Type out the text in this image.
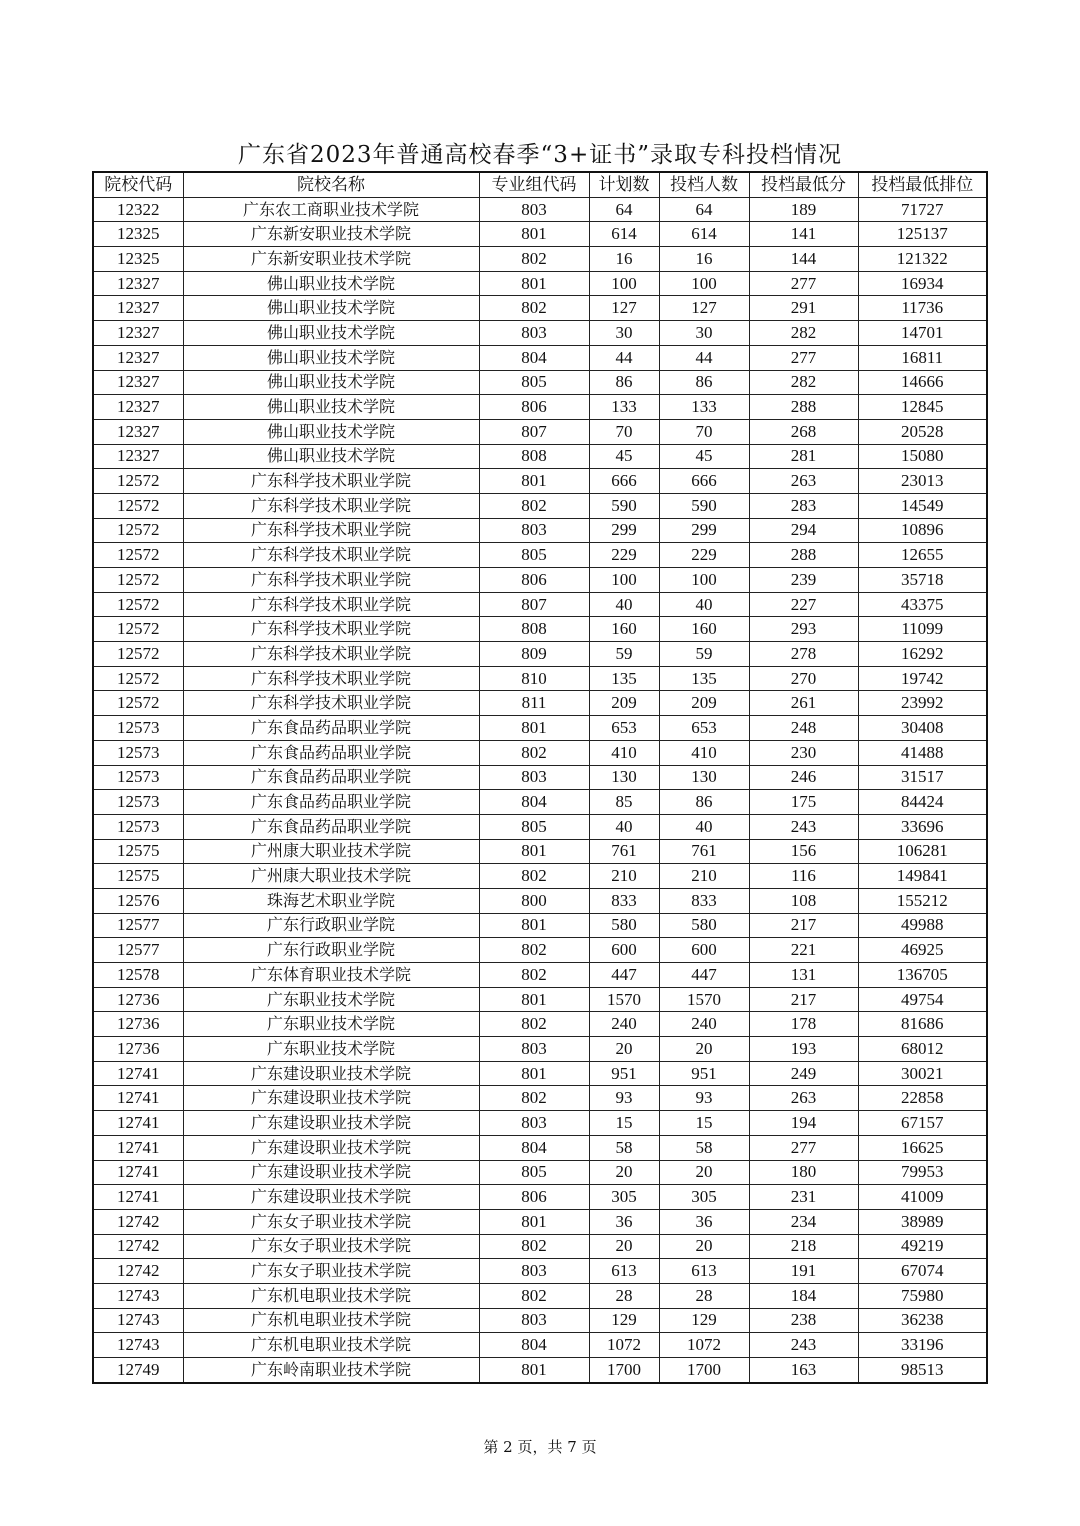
广东省2023年普通高校春季“3+证书”录取专科投档情况
院校代码	院校名称	专业组代码	计划数	投档人数	投档最低分	投档最低排位
12322	广东农工商职业技术学院	803	64	64	189	71727
12325	广东新安职业技术学院	801	614	614	141	125137
12325	广东新安职业技术学院	802	16	16	144	121322
12327	佛山职业技术学院	801	100	100	277	16934
12327	佛山职业技术学院	802	127	127	291	11736
12327	佛山职业技术学院	803	30	30	282	14701
12327	佛山职业技术学院	804	44	44	277	16811
12327	佛山职业技术学院	805	86	86	282	14666
12327	佛山职业技术学院	806	133	133	288	12845
12327	佛山职业技术学院	807	70	70	268	20528
12327	佛山职业技术学院	808	45	45	281	15080
12572	广东科学技术职业学院	801	666	666	263	23013
12572	广东科学技术职业学院	802	590	590	283	14549
12572	广东科学技术职业学院	803	299	299	294	10896
12572	广东科学技术职业学院	805	229	229	288	12655
12572	广东科学技术职业学院	806	100	100	239	35718
12572	广东科学技术职业学院	807	40	40	227	43375
12572	广东科学技术职业学院	808	160	160	293	11099
12572	广东科学技术职业学院	809	59	59	278	16292
12572	广东科学技术职业学院	810	135	135	270	19742
12572	广东科学技术职业学院	811	209	209	261	23992
12573	广东食品药品职业学院	801	653	653	248	30408
12573	广东食品药品职业学院	802	410	410	230	41488
12573	广东食品药品职业学院	803	130	130	246	31517
12573	广东食品药品职业学院	804	85	86	175	84424
12573	广东食品药品职业学院	805	40	40	243	33696
12575	广州康大职业技术学院	801	761	761	156	106281
12575	广州康大职业技术学院	802	210	210	116	149841
12576	珠海艺术职业学院	800	833	833	108	155212
12577	广东行政职业学院	801	580	580	217	49988
12577	广东行政职业学院	802	600	600	221	46925
12578	广东体育职业技术学院	802	447	447	131	136705
12736	广东职业技术学院	801	1570	1570	217	49754
12736	广东职业技术学院	802	240	240	178	81686
12736	广东职业技术学院	803	20	20	193	68012
12741	广东建设职业技术学院	801	951	951	249	30021
12741	广东建设职业技术学院	802	93	93	263	22858
12741	广东建设职业技术学院	803	15	15	194	67157
12741	广东建设职业技术学院	804	58	58	277	16625
12741	广东建设职业技术学院	805	20	20	180	79953
12741	广东建设职业技术学院	806	305	305	231	41009
12742	广东女子职业技术学院	801	36	36	234	38989
12742	广东女子职业技术学院	802	20	20	218	49219
12742	广东女子职业技术学院	803	613	613	191	67074
12743	广东机电职业技术学院	802	28	28	184	75980
12743	广东机电职业技术学院	803	129	129	238	36238
12743	广东机电职业技术学院	804	1072	1072	243	33196
12749	广东岭南职业技术学院	801	1700	1700	163	98513
第 2 页，共 7 页
